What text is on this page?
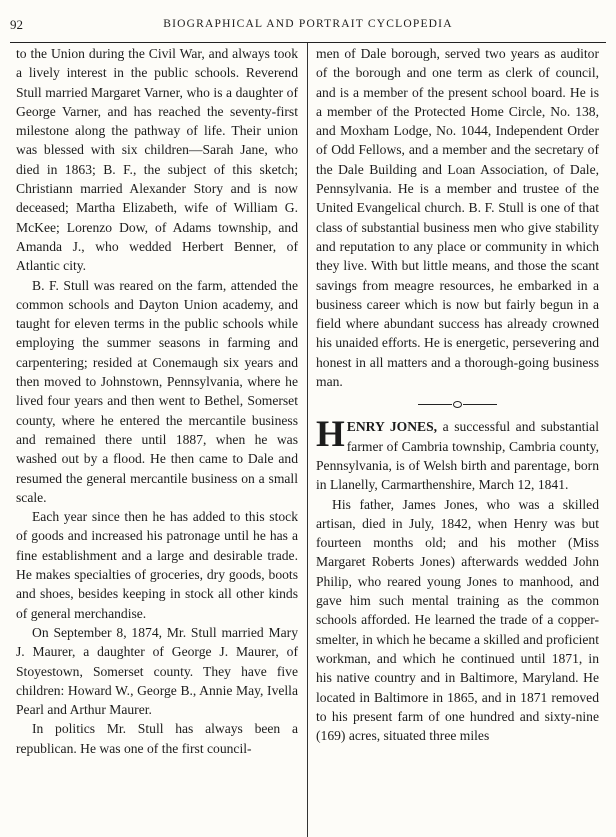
92	BIOGRAPHICAL AND PORTRAIT CYCLOPEDIA

to the Union during the Civil War, and always took a lively interest in the public schools. Reverend Stull married Margaret Varner, who is a daughter of George Varner, and has reached the seventy-first milestone along the pathway of life. Their union was blessed with six children—Sarah Jane, who died in 1863; B. F., the subject of this sketch; Christiann married Alexander Story and is now deceased; Martha Elizabeth, wife of William G. McKee; Lorenzo Dow, of Adams township, and Amanda J., who wedded Herbert Benner, of Atlantic city.

B. F. Stull was reared on the farm, attended the common schools and Dayton Union academy, and taught for eleven terms in the public schools while employing the summer seasons in farming and carpentering; resided at Conemaugh six years and then moved to Johnstown, Pennsylvania, where he lived four years and then went to Bethel, Somerset county, where he entered the mercantile business and remained there until 1887, when he was washed out by a flood. He then came to Dale and resumed the general mercantile business on a small scale.

Each year since then he has added to this stock of goods and increased his patronage until he has a fine establishment and a large and desirable trade. He makes specialties of groceries, dry goods, boots and shoes, besides keeping in stock all other kinds of general merchandise.

On September 8, 1874, Mr. Stull married Mary J. Maurer, a daughter of George J. Maurer, of Stoyestown, Somerset county. They have five children: Howard W., George B., Annie May, Ivella Pearl and Arthur Maurer.

In politics Mr. Stull has always been a republican. He was one of the first council-

men of Dale borough, served two years as auditor of the borough and one term as clerk of council, and is a member of the present school board. He is a member of the Protected Home Circle, No. 138, and Moxham Lodge, No. 1044, Independent Order of Odd Fellows, and a member and the secretary of the Dale Building and Loan Association, of Dale, Pennsylvania. He is a member and trustee of the United Evangelical church. B. F. Stull is one of that class of substantial business men who give stability and reputation to any place or community in which they live. With but little means, and those the scant savings from meagre resources, he embarked in a business career which is now but fairly begun in a field where abundant success has already crowned his unaided efforts. He is energetic, persevering and honest in all matters and a thorough-going business man.

HENRY JONES, a successful and substantial farmer of Cambria township, Cambria county, Pennsylvania, is of Welsh birth and parentage, born in Llanelly, Carmarthenshire, March 12, 1841.

His father, James Jones, who was a skilled artisan, died in July, 1842, when Henry was but fourteen months old; and his mother (Miss Margaret Roberts Jones) afterwards wedded John Philip, who reared young Jones to manhood, and gave him such mental training as the common schools afforded. He learned the trade of a copper-smelter, in which he became a skilled and proficient workman, and which he continued until 1871, in his native country and in Baltimore, Maryland. He located in Baltimore in 1865, and in 1871 removed to his present farm of one hundred and sixty-nine (169) acres, situated three miles
